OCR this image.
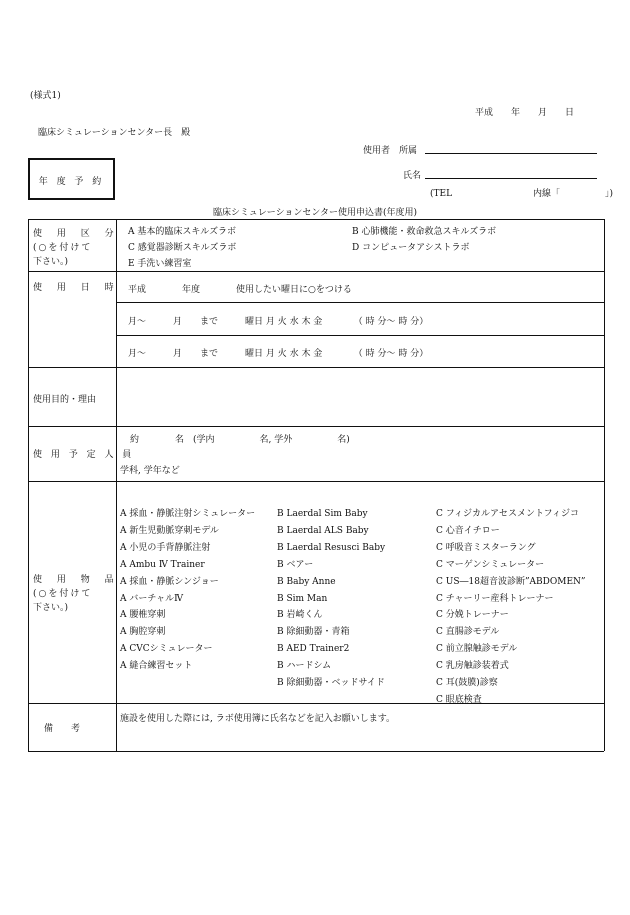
(様式1)
平成　　年　　月　　日
臨床シミュレーションセンター長　殿
使用者　所属
氏名
(TEL　　　　　　　　　内線「　　　　　」)
年 度 予 約
臨床シミュレーションセンター使用申込書(年度用)
使 用 区 分
(○を付けて
下さい。)
A 基本的臨床スキルズラボ	B 心肺機能・救命救急スキルズラボ
C 感覚器診断スキルズラボ	D コンピュータアシストラボ
E 手洗い練習室
使 用 日 時 平成　　　　年度　　　　使用したい曜日に○をつける
月〜　　　月　　まで　　　曜日 月 火 水 木 金　　　　（ 時 分〜 時 分）
月〜　　　月　　まで　　　曜日 月 火 水 木 金　　　　（ 時 分〜 時 分）
使用目的・理由
使 用 予 定 人 員
約　　　　名　(学内　　　　　名, 学外　　　　　名)
学科, 学年など
使 用 物 品
(○を付けて
下さい。)
A 採血・静脈注射シミュレーター
A 新生児動脈穿刺モデル
A 小児の手背静脈注射
A Ambu Ⅳ Trainer
A 採血・静脈シンジョー
A バーチャルⅣ
A 腰椎穿刺
A 胸腔穿刺
A CVCシミュレーター
A 縫合練習セット
B Laerdal Sim Baby
B Laerdal ALS Baby
B Laerdal Resusci Baby
B ベアー
B Baby Anne
B Sim Man
B 岩崎くん
B 除細動器・青箱
B AED Trainer2
B ハードシム
B 除細動器・ベッドサイド
C フィジカルアセスメントフィジコ
C 心音イチロー
C 呼吸音ミスターラング
C マーゲンシミュレーター
C US―18超音波診断”ABDOMEN”
C チャーリー産科トレーナー
C 分娩トレーナー
C 直腸診モデル
C 前立腺触診モデル
C 乳房触診装着式
C 耳(鼓膜)診察
C 眼底検査
備　　考
施設を使用した際には, ラボ使用簿に氏名などを記入お願いします。
